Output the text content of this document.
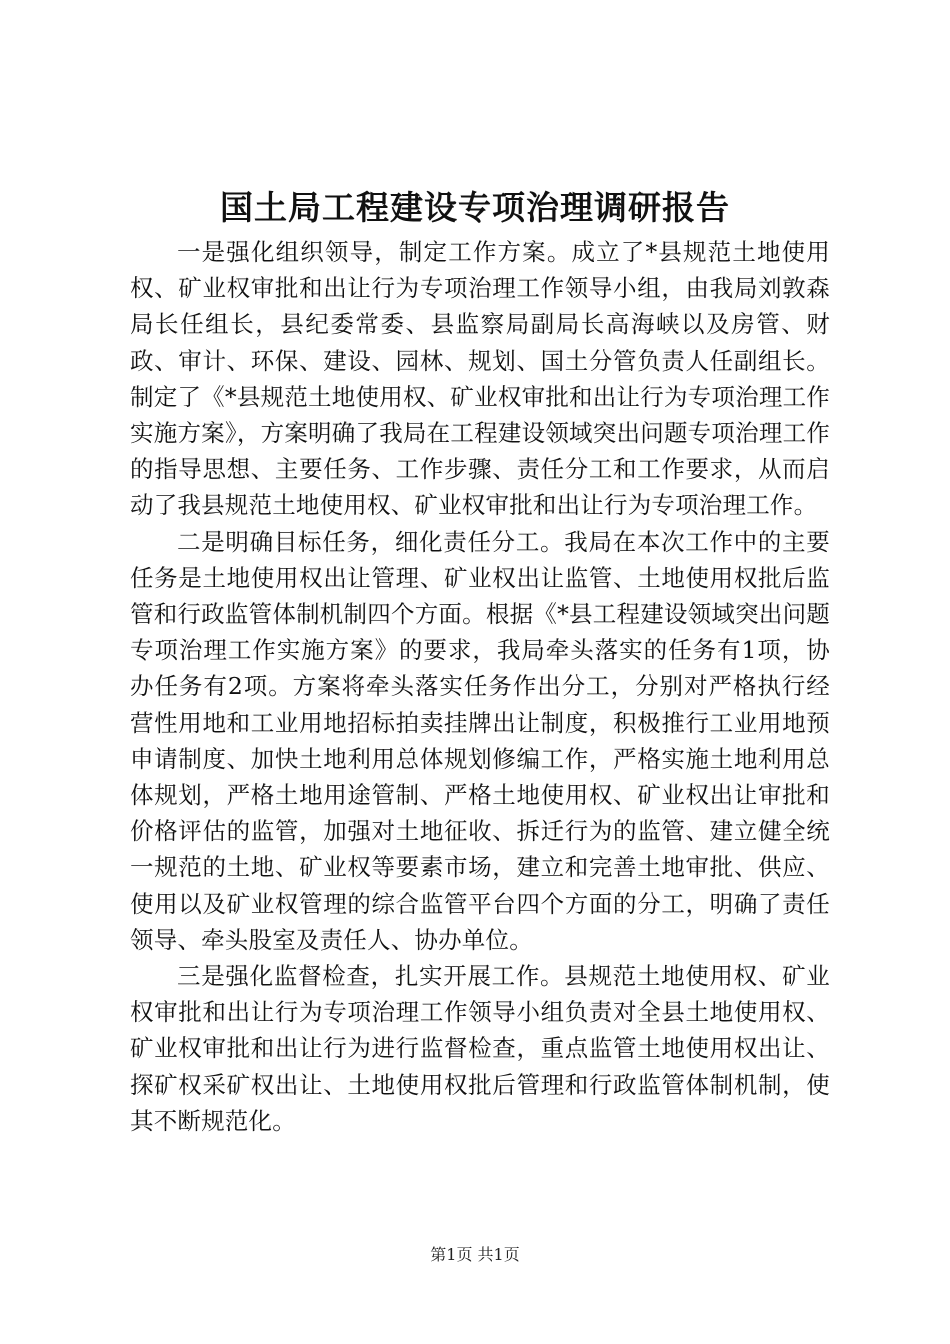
国土局工程建设专项治理调研报告

一是强化组织领导，制定工作方案。成立了*县规范土地使用权、矿业权审批和出让行为专项治理工作领导小组，由我局刘敦森局长任组长，县纪委常委、县监察局副局长高海峡以及房管、财政、审计、环保、建设、园林、规划、国土分管负责人任副组长。制定了《*县规范土地使用权、矿业权审批和出让行为专项治理工作实施方案》，方案明确了我局在工程建设领域突出问题专项治理工作的指导思想、主要任务、工作步骤、责任分工和工作要求，从而启动了我县规范土地使用权、矿业权审批和出让行为专项治理工作。

二是明确目标任务，细化责任分工。我局在本次工作中的主要任务是土地使用权出让管理、矿业权出让监管、土地使用权批后监管和行政监管体制机制四个方面。根据《*县工程建设领域突出问题专项治理工作实施方案》的要求，我局牵头落实的任务有1项，协办任务有2项。方案将牵头落实任务作出分工，分别对严格执行经营性用地和工业用地招标拍卖挂牌出让制度，积极推行工业用地预申请制度、加快土地利用总体规划修编工作，严格实施土地利用总体规划，严格土地用途管制、严格土地使用权、矿业权出让审批和价格评估的监管，加强对土地征收、拆迁行为的监管、建立健全统一规范的土地、矿业权等要素市场，建立和完善土地审批、供应、使用以及矿业权管理的综合监管平台四个方面的分工，明确了责任领导、牵头股室及责任人、协办单位。

三是强化监督检查，扎实开展工作。县规范土地使用权、矿业权审批和出让行为专项治理工作领导小组负责对全县土地使用权、矿业权审批和出让行为进行监督检查，重点监管土地使用权出让、探矿权采矿权出让、土地使用权批后管理和行政监管体制机制，使其不断规范化。

第1页 共1页
